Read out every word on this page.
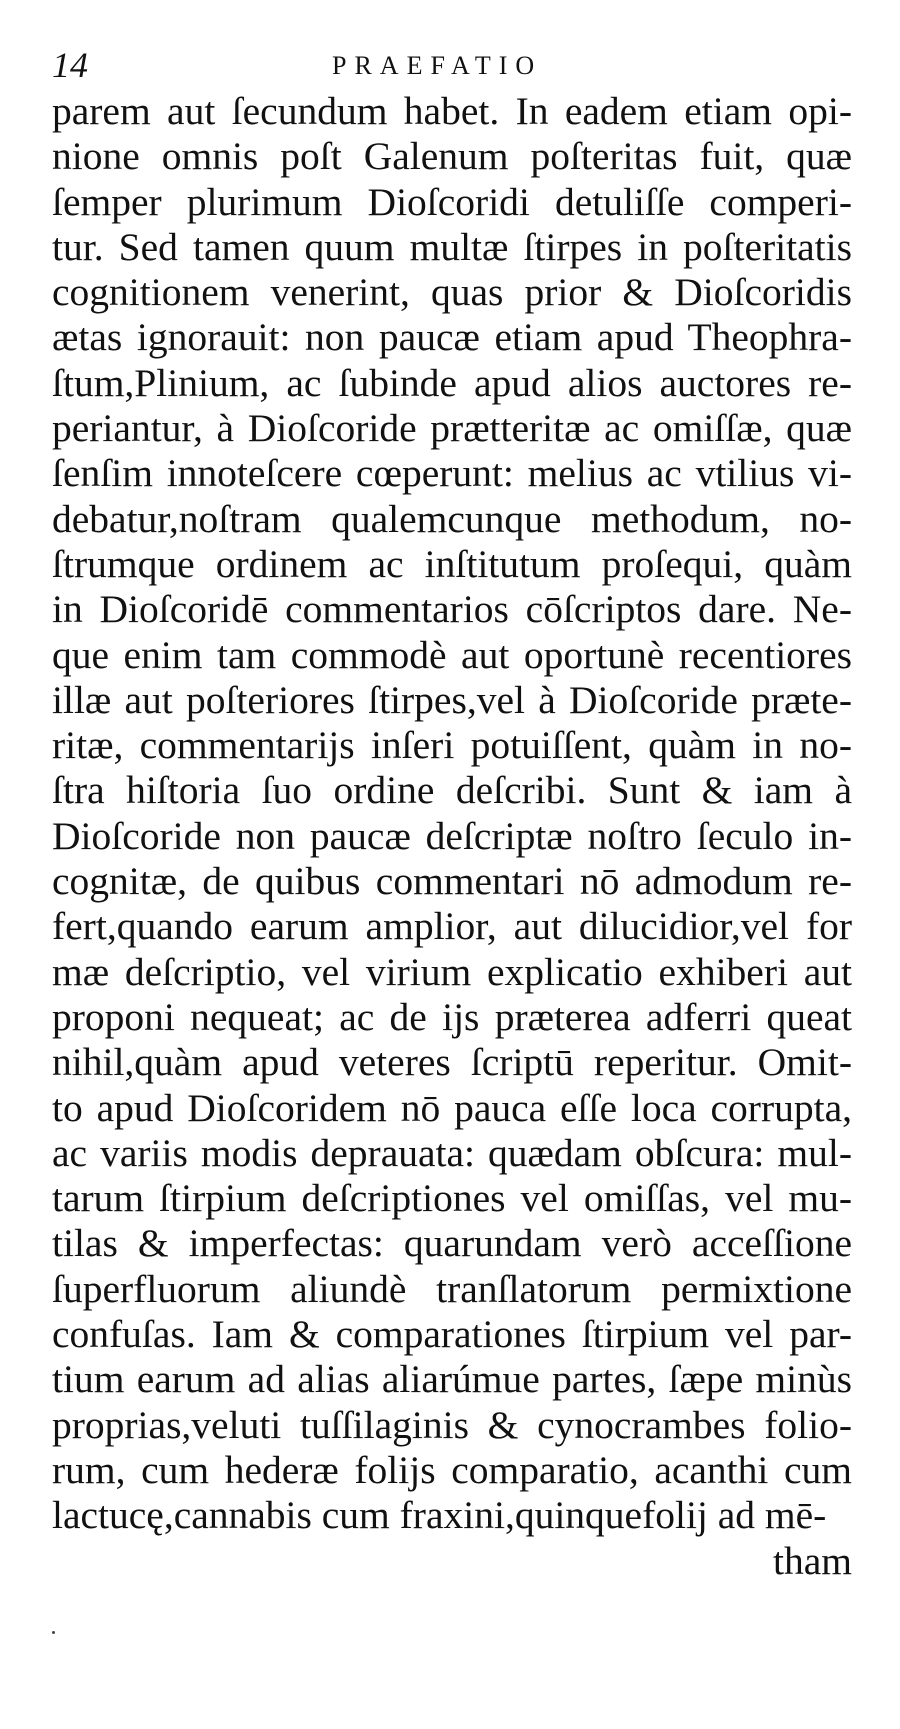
14	PRAEFATIO
parem aut ſecundum habet. In eadem etiam opi-
nione omnis poſt Galenum poſteritas fuit, quæ
ſemper plurimum Dioſcoridi detuliſſe comperi-
tur. Sed tamen quum multæ ſtirpes in poſteritatis
cognitionem venerint, quas prior & Dioſcoridis
ætas ignorauit: non paucæ etiam apud Theophra-
ſtum,Plinium, ac ſubinde apud alios auctores re-
periantur, à Dioſcoride prætteritæ ac omiſſæ, quæ
ſenſim innoteſcere cœperunt: melius ac vtilius vi-
debatur,noſtram qualemcunque methodum, no-
ſtrumque ordinem ac inſtitutum proſequi, quàm
in Dioſcoridē commentarios cōſcriptos dare. Ne-
que enim tam commodè aut oportunè recentiores
illæ aut poſteriores ſtirpes,vel à Dioſcoride præte-
ritæ, commentarijs inſeri potuiſſent, quàm in no-
ſtra hiſtoria ſuo ordine deſcribi. Sunt & iam à
Dioſcoride non paucæ deſcriptæ noſtro ſeculo in-
cognitæ, de quibus commentari nō admodum re-
fert,quando earum amplior, aut dilucidior,vel for
mæ deſcriptio, vel virium explicatio exhiberi aut
proponi nequeat; ac de ijs præterea adferri queat
nihil,quàm apud veteres ſcriptū reperitur. Omit-
to apud Dioſcoridem nō pauca eſſe loca corrupta,
ac variis modis deprauata: quædam obſcura: mul-
tarum ſtirpium deſcriptiones vel omiſſas, vel mu-
tilas & imperfectas: quarundam verò acceſſione
ſuperfluorum aliundè tranſlatorum permixtione
confuſas. Iam & comparationes ſtirpium vel par-
tium earum ad alias aliarúmue partes, ſæpe minùs
proprias,veluti tuſſilaginis & cynocrambes folio-
rum, cum hederæ folijs comparatio, acanthi cum
lactucę,cannabis cum fraxini,quinquefolij ad mē-
tham
